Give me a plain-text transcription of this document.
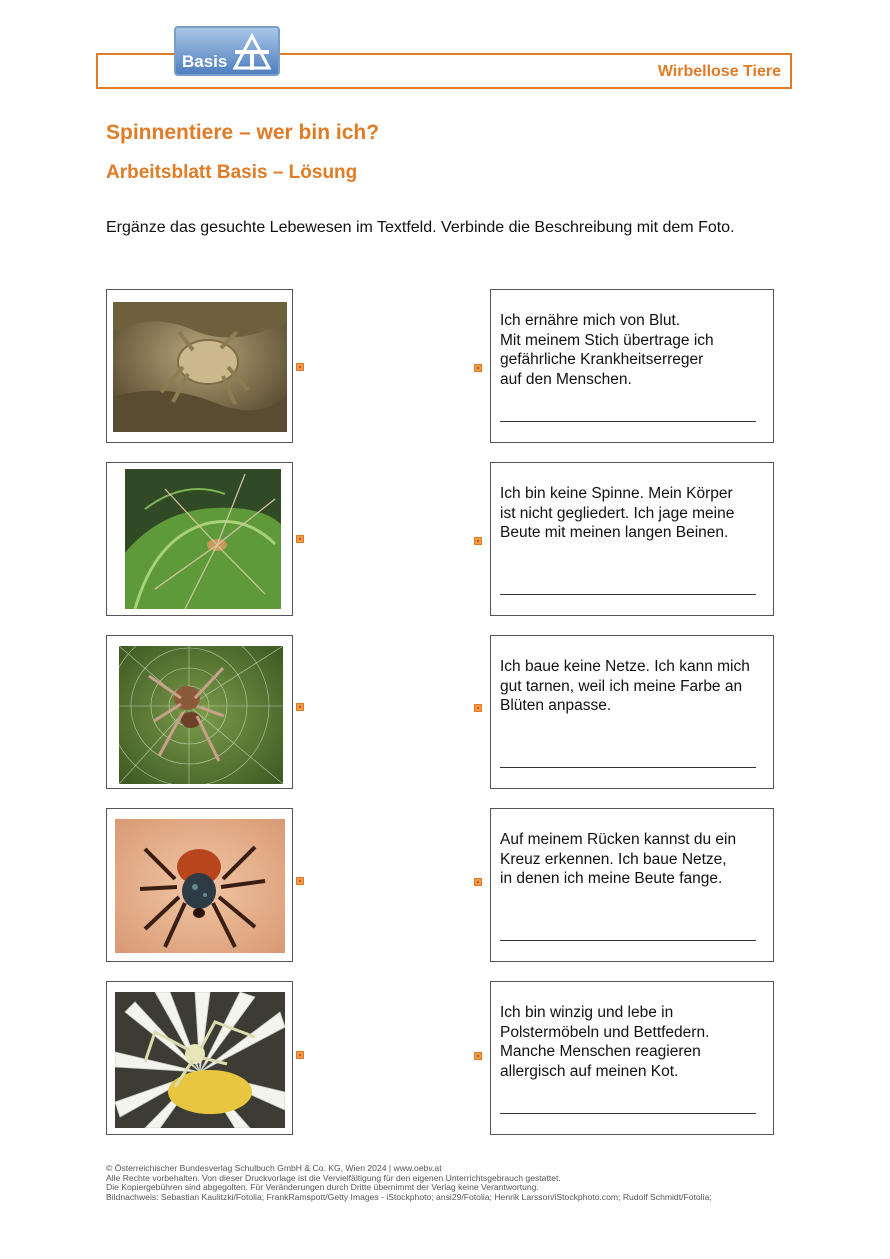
Wirbellose Tiere
Basis
Spinnentiere – wer bin ich?
Arbeitsblatt Basis – Lösung
Ergänze das gesuchte Lebewesen im Textfeld. Verbinde die Beschreibung mit dem Foto.
Ich ernähre mich von Blut.
Mit meinem Stich übertrage ich
gefährliche Krankheitserreger
auf den Menschen.
Ich bin keine Spinne. Mein Körper
ist nicht gegliedert. Ich jage meine
Beute mit meinen langen Beinen.
Ich baue keine Netze. Ich kann mich
gut tarnen, weil ich meine Farbe an
Blüten anpasse.
Auf meinem Rücken kannst du ein
Kreuz erkennen. Ich baue Netze,
in denen ich meine Beute fange.
Ich bin winzig und lebe in
Polstermöbeln und Bettfedern.
Manche Menschen reagieren
allergisch auf meinen Kot.
© Österreichischer Bundesverlag Schulbuch GmbH & Co. KG, Wien 2024 | www.oebv.at
Alle Rechte vorbehalten. Von dieser Druckvorlage ist die Vervielfältigung für den eigenen Unterrichtsgebrauch gestattet.
Die Kopiergebühren sind abgegolten. Für Veränderungen durch Dritte übernimmt der Verlag keine Verantwortung.
Bildnachweis: Sebastian Kaulitzki/Fotolia; FrankRamspott/Getty Images - iStockphoto; ansi29/Fotolia; Henrik Larsson/iStockphoto.com; Rudolf Schmidt/Fotolia;
